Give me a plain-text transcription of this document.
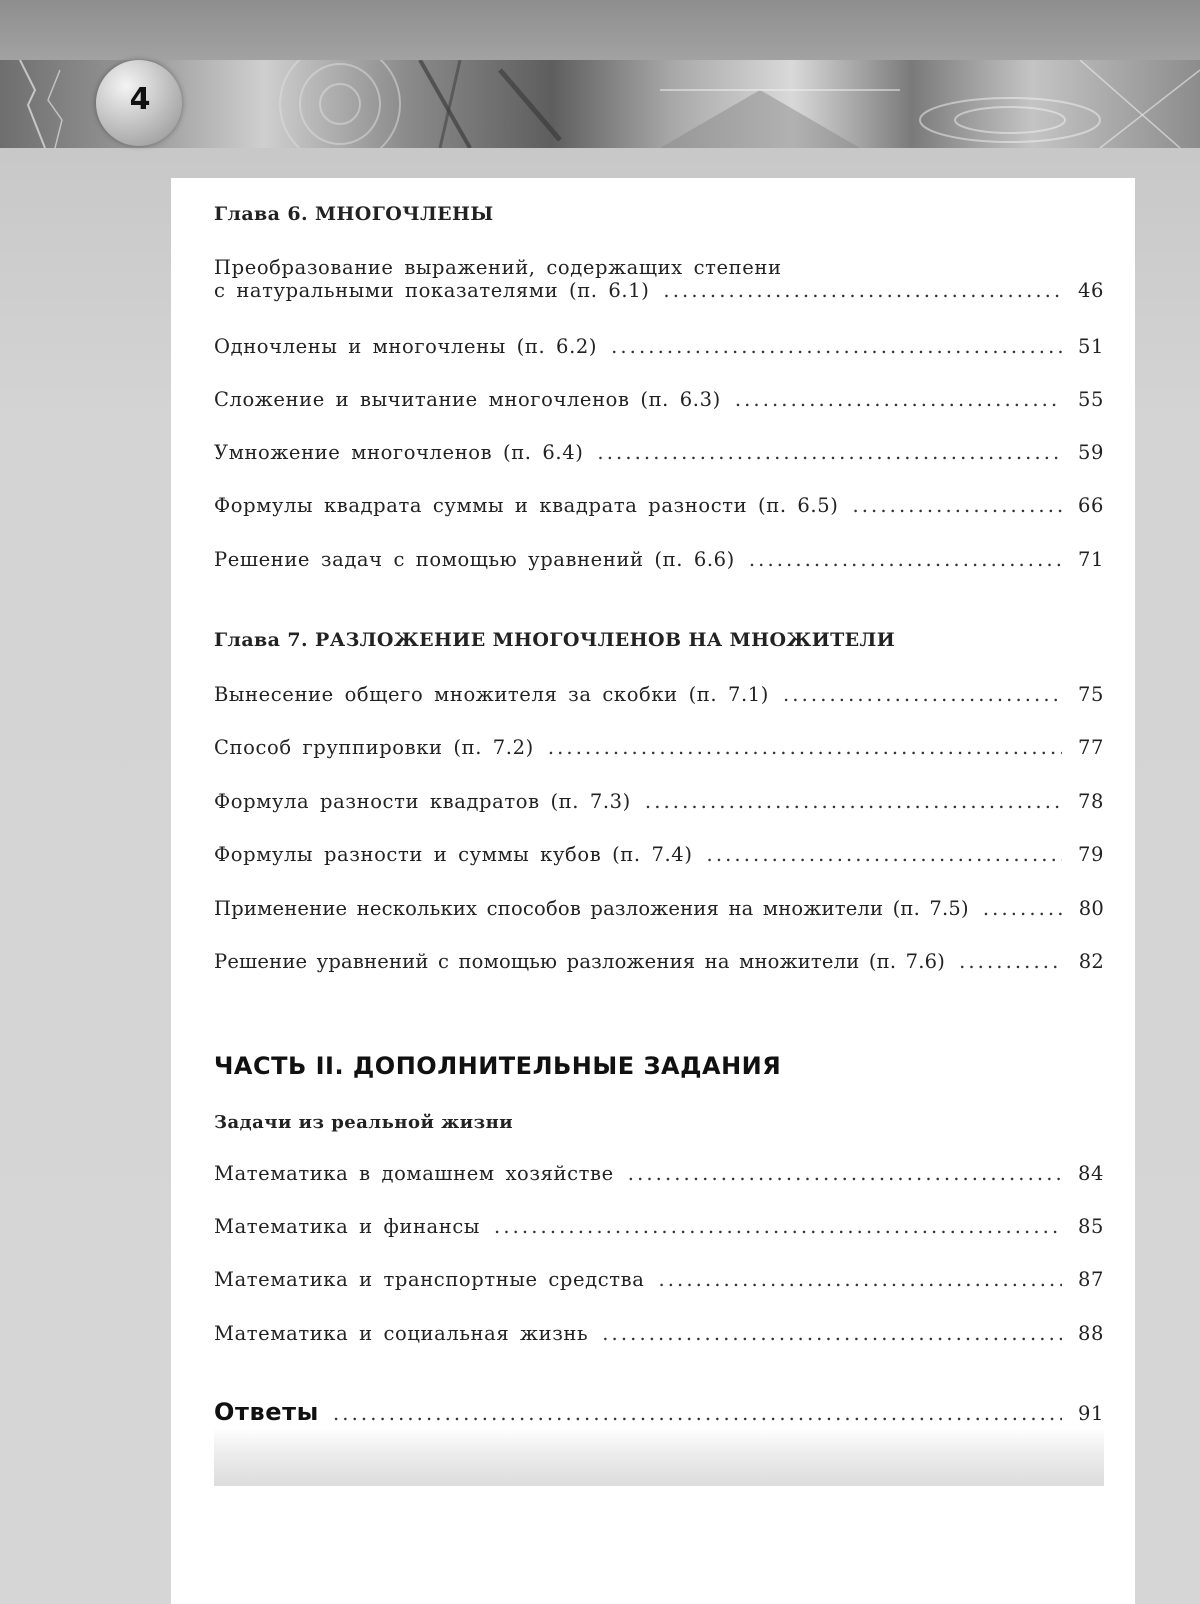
4
Глава 6. МНОГОЧЛЕНЫ
Преобразование выражений, содержащих степени
с натуральными показателями (п. 6.1) .....	46
Одночлены и многочлены (п. 6.2) .....	51
Сложение и вычитание многочленов (п. 6.3) .....	55
Умножение многочленов (п. 6.4) .....	59
Формулы квадрата суммы и квадрата разности (п. 6.5) .....	66
Решение задач с помощью уравнений (п. 6.6) .....	71
Глава 7. РАЗЛОЖЕНИЕ МНОГОЧЛЕНОВ НА МНОЖИТЕЛИ
Вынесение общего множителя за скобки (п. 7.1) .....	75
Способ группировки (п. 7.2) .....	77
Формула разности квадратов (п. 7.3) .....	78
Формулы разности и суммы кубов (п. 7.4) .....	79
Применение нескольких способов разложения на множители (п. 7.5) .....	80
Решение уравнений с помощью разложения на множители (п. 7.6) .....	82
ЧАСТЬ II. ДОПОЛНИТЕЛЬНЫЕ ЗАДАНИЯ
Задачи из реальной жизни
Математика в домашнем хозяйстве .....	84
Математика и финансы .....	85
Математика и транспортные средства .....	87
Математика и социальная жизнь .....	88
Ответы .....	91
